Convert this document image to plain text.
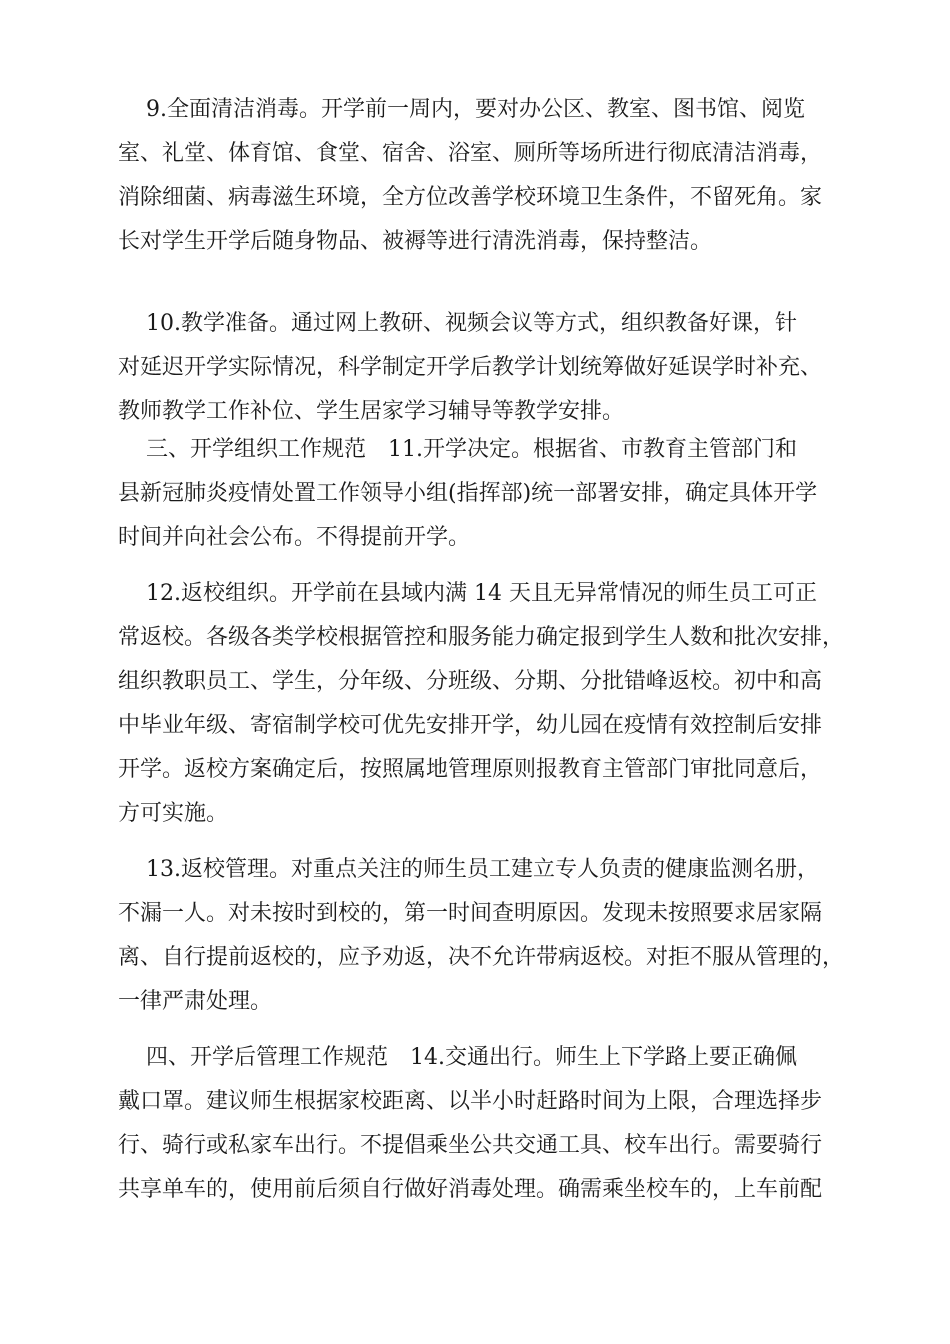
9.全面清洁消毒。开学前一周内，要对办公区、教室、图书馆、阅览
室、礼堂、体育馆、食堂、宿舍、浴室、厕所等场所进行彻底清洁消毒，
消除细菌、病毒滋生环境，全方位改善学校环境卫生条件，不留死角。家
长对学生开学后随身物品、被褥等进行清洗消毒，保持整洁。

10.教学准备。通过网上教研、视频会议等方式，组织教备好课，针
对延迟开学实际情况，科学制定开学后教学计划统筹做好延误学时补充、
教师教学工作补位、学生居家学习辅导等教学安排。

三、开学组织工作规范　11.开学决定。根据省、市教育主管部门和
县新冠肺炎疫情处置工作领导小组(指挥部)统一部署安排，确定具体开学
时间并向社会公布。不得提前开学。

12.返校组织。开学前在县域内满 14 天且无异常情况的师生员工可正
常返校。各级各类学校根据管控和服务能力确定报到学生人数和批次安排，
组织教职员工、学生，分年级、分班级、分期、分批错峰返校。初中和高
中毕业年级、寄宿制学校可优先安排开学，幼儿园在疫情有效控制后安排
开学。返校方案确定后，按照属地管理原则报教育主管部门审批同意后，
方可实施。

13.返校管理。对重点关注的师生员工建立专人负责的健康监测名册，
不漏一人。对未按时到校的，第一时间查明原因。发现未按照要求居家隔
离、自行提前返校的，应予劝返，决不允许带病返校。对拒不服从管理的，
一律严肃处理。

四、开学后管理工作规范　14.交通出行。师生上下学路上要正确佩
戴口罩。建议师生根据家校距离、以半小时赶路时间为上限，合理选择步
行、骑行或私家车出行。不提倡乘坐公共交通工具、校车出行。需要骑行
共享单车的，使用前后须自行做好消毒处理。确需乘坐校车的，上车前配
